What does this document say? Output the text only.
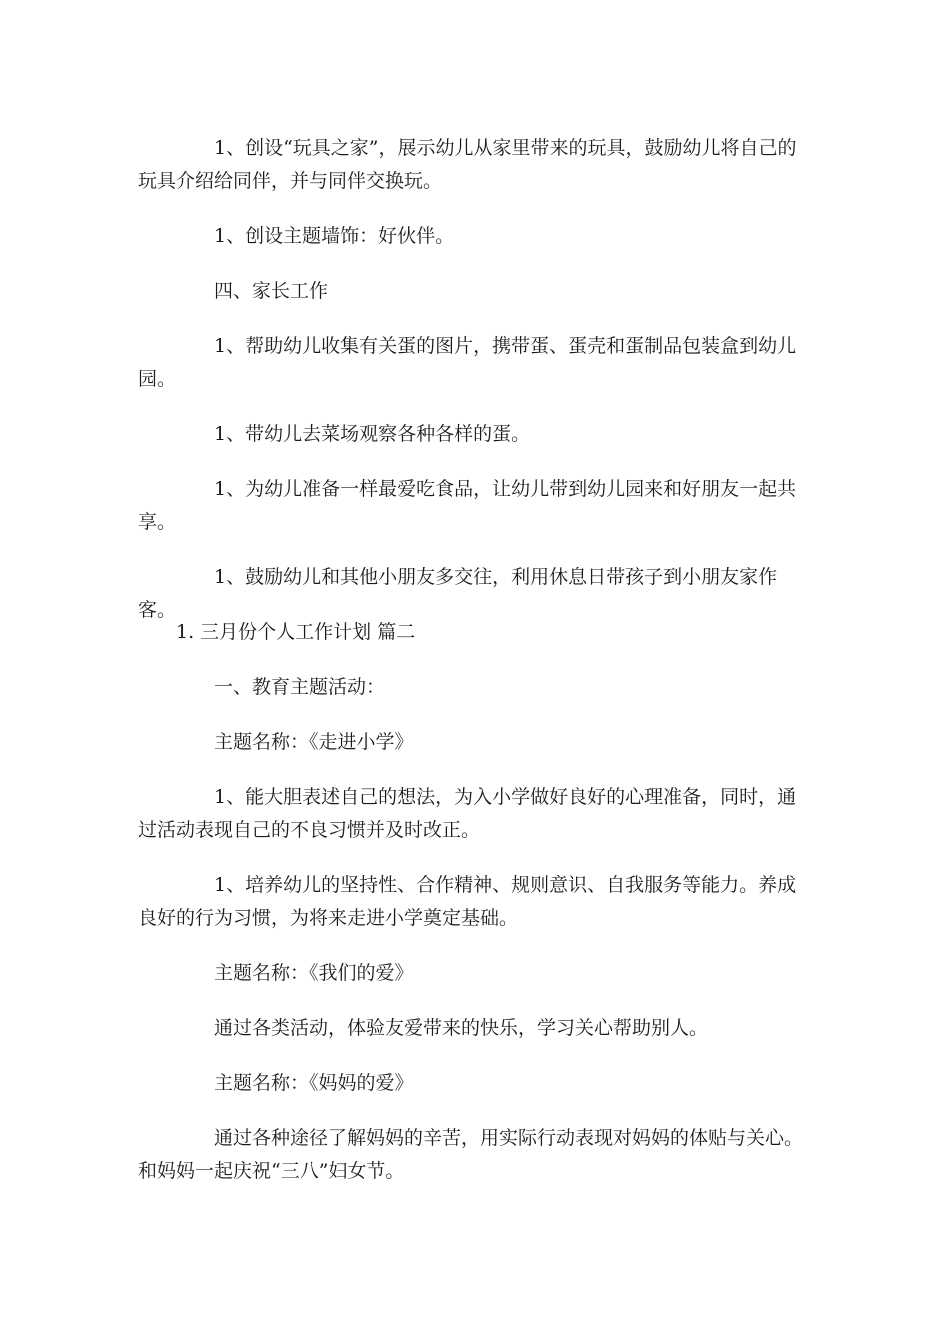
1、创设“玩具之家”，展示幼儿从家里带来的玩具，鼓励幼儿将自己的玩具介绍给同伴，并与同伴交换玩。

1、创设主题墙饰：好伙伴。

四、家长工作

1、帮助幼儿收集有关蛋的图片，携带蛋、蛋壳和蛋制品包装盒到幼儿园。

1、带幼儿去菜场观察各种各样的蛋。

1、为幼儿准备一样最爱吃食品，让幼儿带到幼儿园来和好朋友一起共享。

1、鼓励幼儿和其他小朋友多交往，利用休息日带孩子到小朋友家作客。

1. 三月份个人工作计划 篇二

一、教育主题活动：

主题名称：《走进小学》

1、能大胆表述自己的想法，为入小学做好良好的心理准备，同时，通过活动表现自己的不良习惯并及时改正。

1、培养幼儿的坚持性、合作精神、规则意识、自我服务等能力。养成良好的行为习惯，为将来走进小学奠定基础。

主题名称：《我们的爱》

通过各类活动，体验友爱带来的快乐，学习关心帮助别人。

主题名称：《妈妈的爱》

通过各种途径了解妈妈的辛苦，用实际行动表现对妈妈的体贴与关心。和妈妈一起庆祝“三八”妇女节。
